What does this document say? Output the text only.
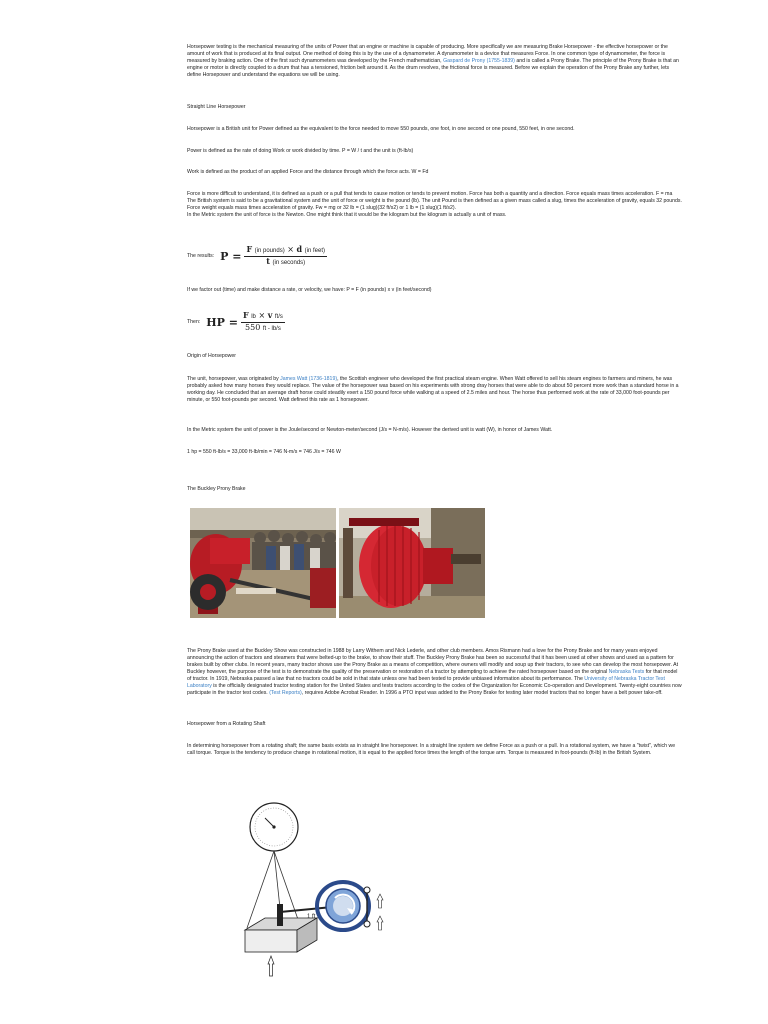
Horsepower testing is the mechanical measuring of the units of Power that an engine or machine is capable of producing. More specifically we are measuring Brake Horsepower - the effective horsepower or the amount of work that is produced at its final output. One method of doing this is by the use of a dynamometer. A dynamometer is a device that measures Force. In one common type of dynamometer, the force is measured by braking action. One of the first such dynamometers was developed by the French mathematician, Gaspard de Prony (1755-1839) and is called a Prony Brake. The principle of the Prony Brake is that an engine or motor is directly coupled to a drum that has a tensioned, friction belt around it. As the drum revolves, the frictional force is measured. Before we explain the operation of the Prony Brake any further, lets define Horsepower and understand the equations we will be using.

Straight Line Horsepower

Horsepower is a British unit for Power defined as the equivalent to the force needed to move 550 pounds, one foot, in one second or one pound, 550 feet, in one second.

Power is defined as the rate of doing Work or work divided by time. P = W / t and the unit is (ft-lb/s)

Work is defined as the product of an applied Force and the distance through which the force acts. W = Fd

Force is more difficult to understand, it is defined as a push or a pull that tends to cause motion or tends to prevent motion. Force has both a quantity and a direction. Force equals mass times acceleration. F = ma

The British system is said to be a gravitational system and the unit of force or weight is the pound (lb). The unit Pound is then defined as a given mass called a slug, times the acceleration of gravity, equals 32 pounds. Force weight equals mass times acceleration of gravity. Fw = mg or 32 lb = (1 slug)(32 ft/s2) or 1 lb = (1 slug)(1 ft/s2).

In the Metric system the unit of force is the Newton. One might think that it would be the kilogram but the kilogram is actually a unit of mass.

The results: $P = \frac{\text{F (in pounds) × d (in feet)}}{\text{t (in seconds)}}$

If we factor out (time) and make distance a rate, or velocity, we have: P = F (in pounds) x v (in feet/second)

Then: HP = $\frac{\text{F lb × v ft/s}}{550 ft - lb/s}$

Origin of Horsepower

The unit, horsepower, was originated by James Watt (1736-1819), the Scottish engineer who developed the first practical steam engine. When Watt offered to sell his steam engines to farmers and miners, he was probably asked how many horses they would replace. The value of the horsepower was based on his experiments with strong dray horses that were able to do about 50 percent more work than a standard horse in a working day. He concluded that an average draft horse could steadily exert a 150 pound force while walking at a speed of 2.5 miles and hour. The horse thus performed work at the rate of 33,000 foot-pounds per minute, or 550 foot-pounds per second. Watt defined this rate as 1 horsepower.

In the Metric system the unit of power is the Joule/second or Newton-meter/second (J/s = N-m/s). However the derived unit is watt (W), in honor of James Watt.

1 hp = 550 ft-lb/s = 33,000 ft-lb/min = 746 N-m/s = 746 J/s = 746 W

The Buckley Prony Brake

The Prony Brake used at the Buckley Show was constructed in 1988 by Larry Withem and Nick Lederle, and other club members. Amos Rismann had a love for the Prony Brake and for many years enjoyed announcing the action of tractors and steamers that were belted-up to the brake, to show their stuff. The Buckley Prony Brake has been so successful that it has been used at other shows and used as a pattern for brakes built by other clubs. In recent years, many tractor shows use the Prony Brake as a means of competition, where owners will modify and soup up their tractors, to see who can develop the most horsepower. At Buckley however, the purpose of the test is to demonstrate the quality of the preservation or restoration of a tractor by attempting to achieve the rated horsepower based on the original Nebraska Tests for that model of tractor. In 1919, Nebraska passed a law that no tractors could be sold in that state unless one had been tested to provide unbiased information about its performance. The University of Nebraska Tractor Test Laboratory is the officially designated tractor testing station for the United States and tests tractors according to the codes of the Organization for Economic Co-operation and Development. Twenty-eight countries now participate in the tractor test codes. (Test Reports), requires Adobe Acrobat Reader. In 1996 a PTO input was added to the Prony Brake for testing later model tractors that no longer have a belt power take-off.

Horsepower from a Rotating Shaft

In determining horsepower from a rotating shaft; the same basis exists as in straight line horsepower. In a straight line system we define Force as a push or a pull. In a rotational system, we have a "twist", which we call torque. Torque is the tendency to produce change in rotational motion, it is equal to the applied force times the length of the torque arm. Torque is measured in foot-pounds (ft-lb) in the British System.

1 ft
